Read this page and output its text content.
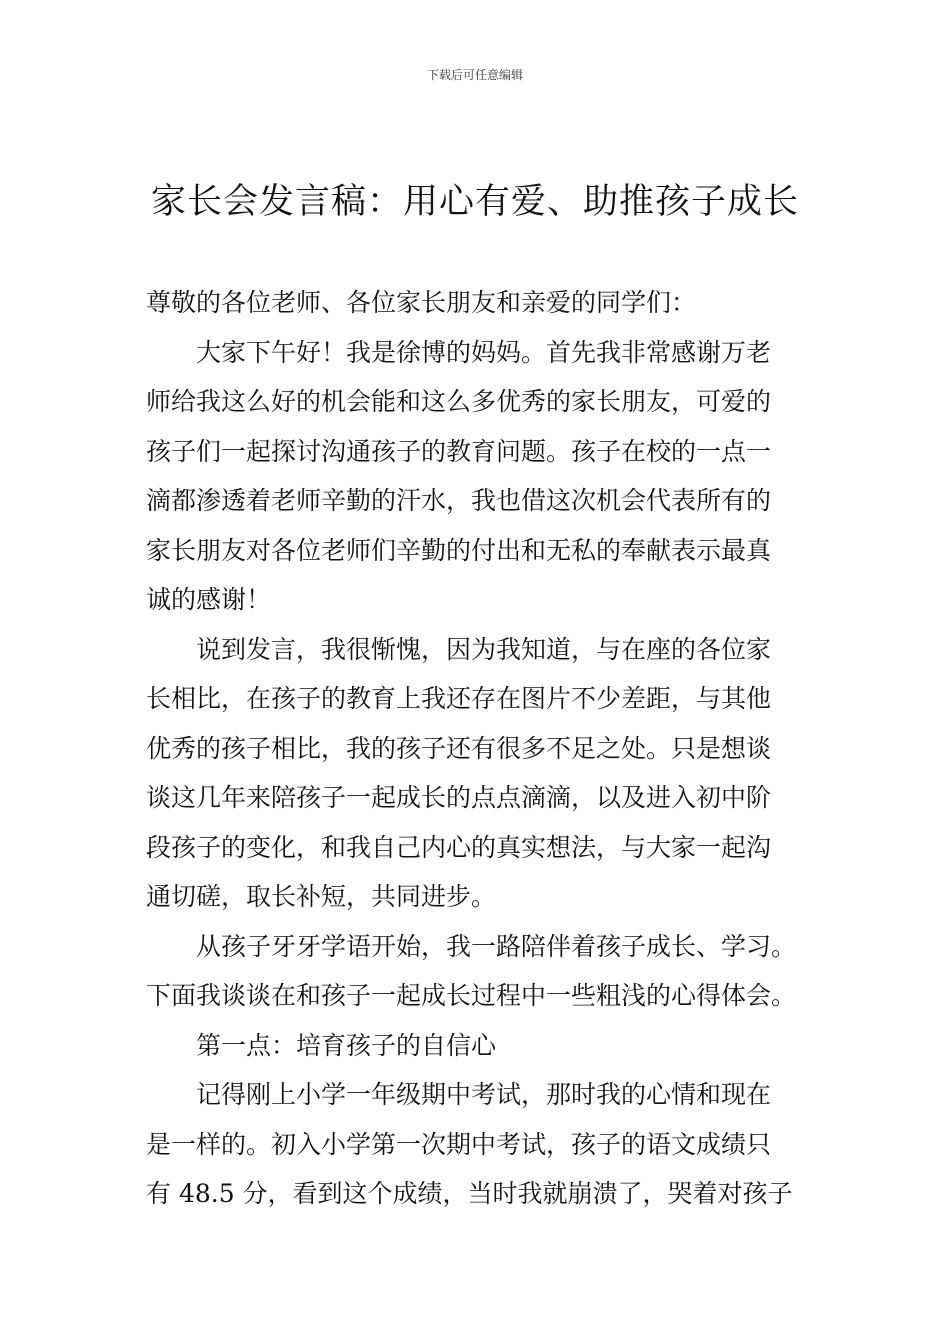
下载后可任意编辑
家长会发言稿：用心有爱、助推孩子成长
尊敬的各位老师、各位家长朋友和亲爱的同学们：
大家下午好！我是徐博的妈妈。首先我非常感谢万老
师给我这么好的机会能和这么多优秀的家长朋友，可爱的
孩子们一起探讨沟通孩子的教育问题。孩子在校的一点一
滴都渗透着老师辛勤的汗水，我也借这次机会代表所有的
家长朋友对各位老师们辛勤的付出和无私的奉献表示最真
诚的感谢！
说到发言，我很惭愧，因为我知道，与在座的各位家
长相比，在孩子的教育上我还存在图片不少差距，与其他
优秀的孩子相比，我的孩子还有很多不足之处。只是想谈
谈这几年来陪孩子一起成长的点点滴滴，以及进入初中阶
段孩子的变化，和我自己内心的真实想法，与大家一起沟
通切磋，取长补短，共同进步。
从孩子牙牙学语开始，我一路陪伴着孩子成长、学习。
下面我谈谈在和孩子一起成长过程中一些粗浅的心得体会。
第一点：培育孩子的自信心
记得刚上小学一年级期中考试，那时我的心情和现在
是一样的。初入小学第一次期中考试，孩子的语文成绩只
有 48.5 分，看到这个成绩，当时我就崩溃了，哭着对孩子
